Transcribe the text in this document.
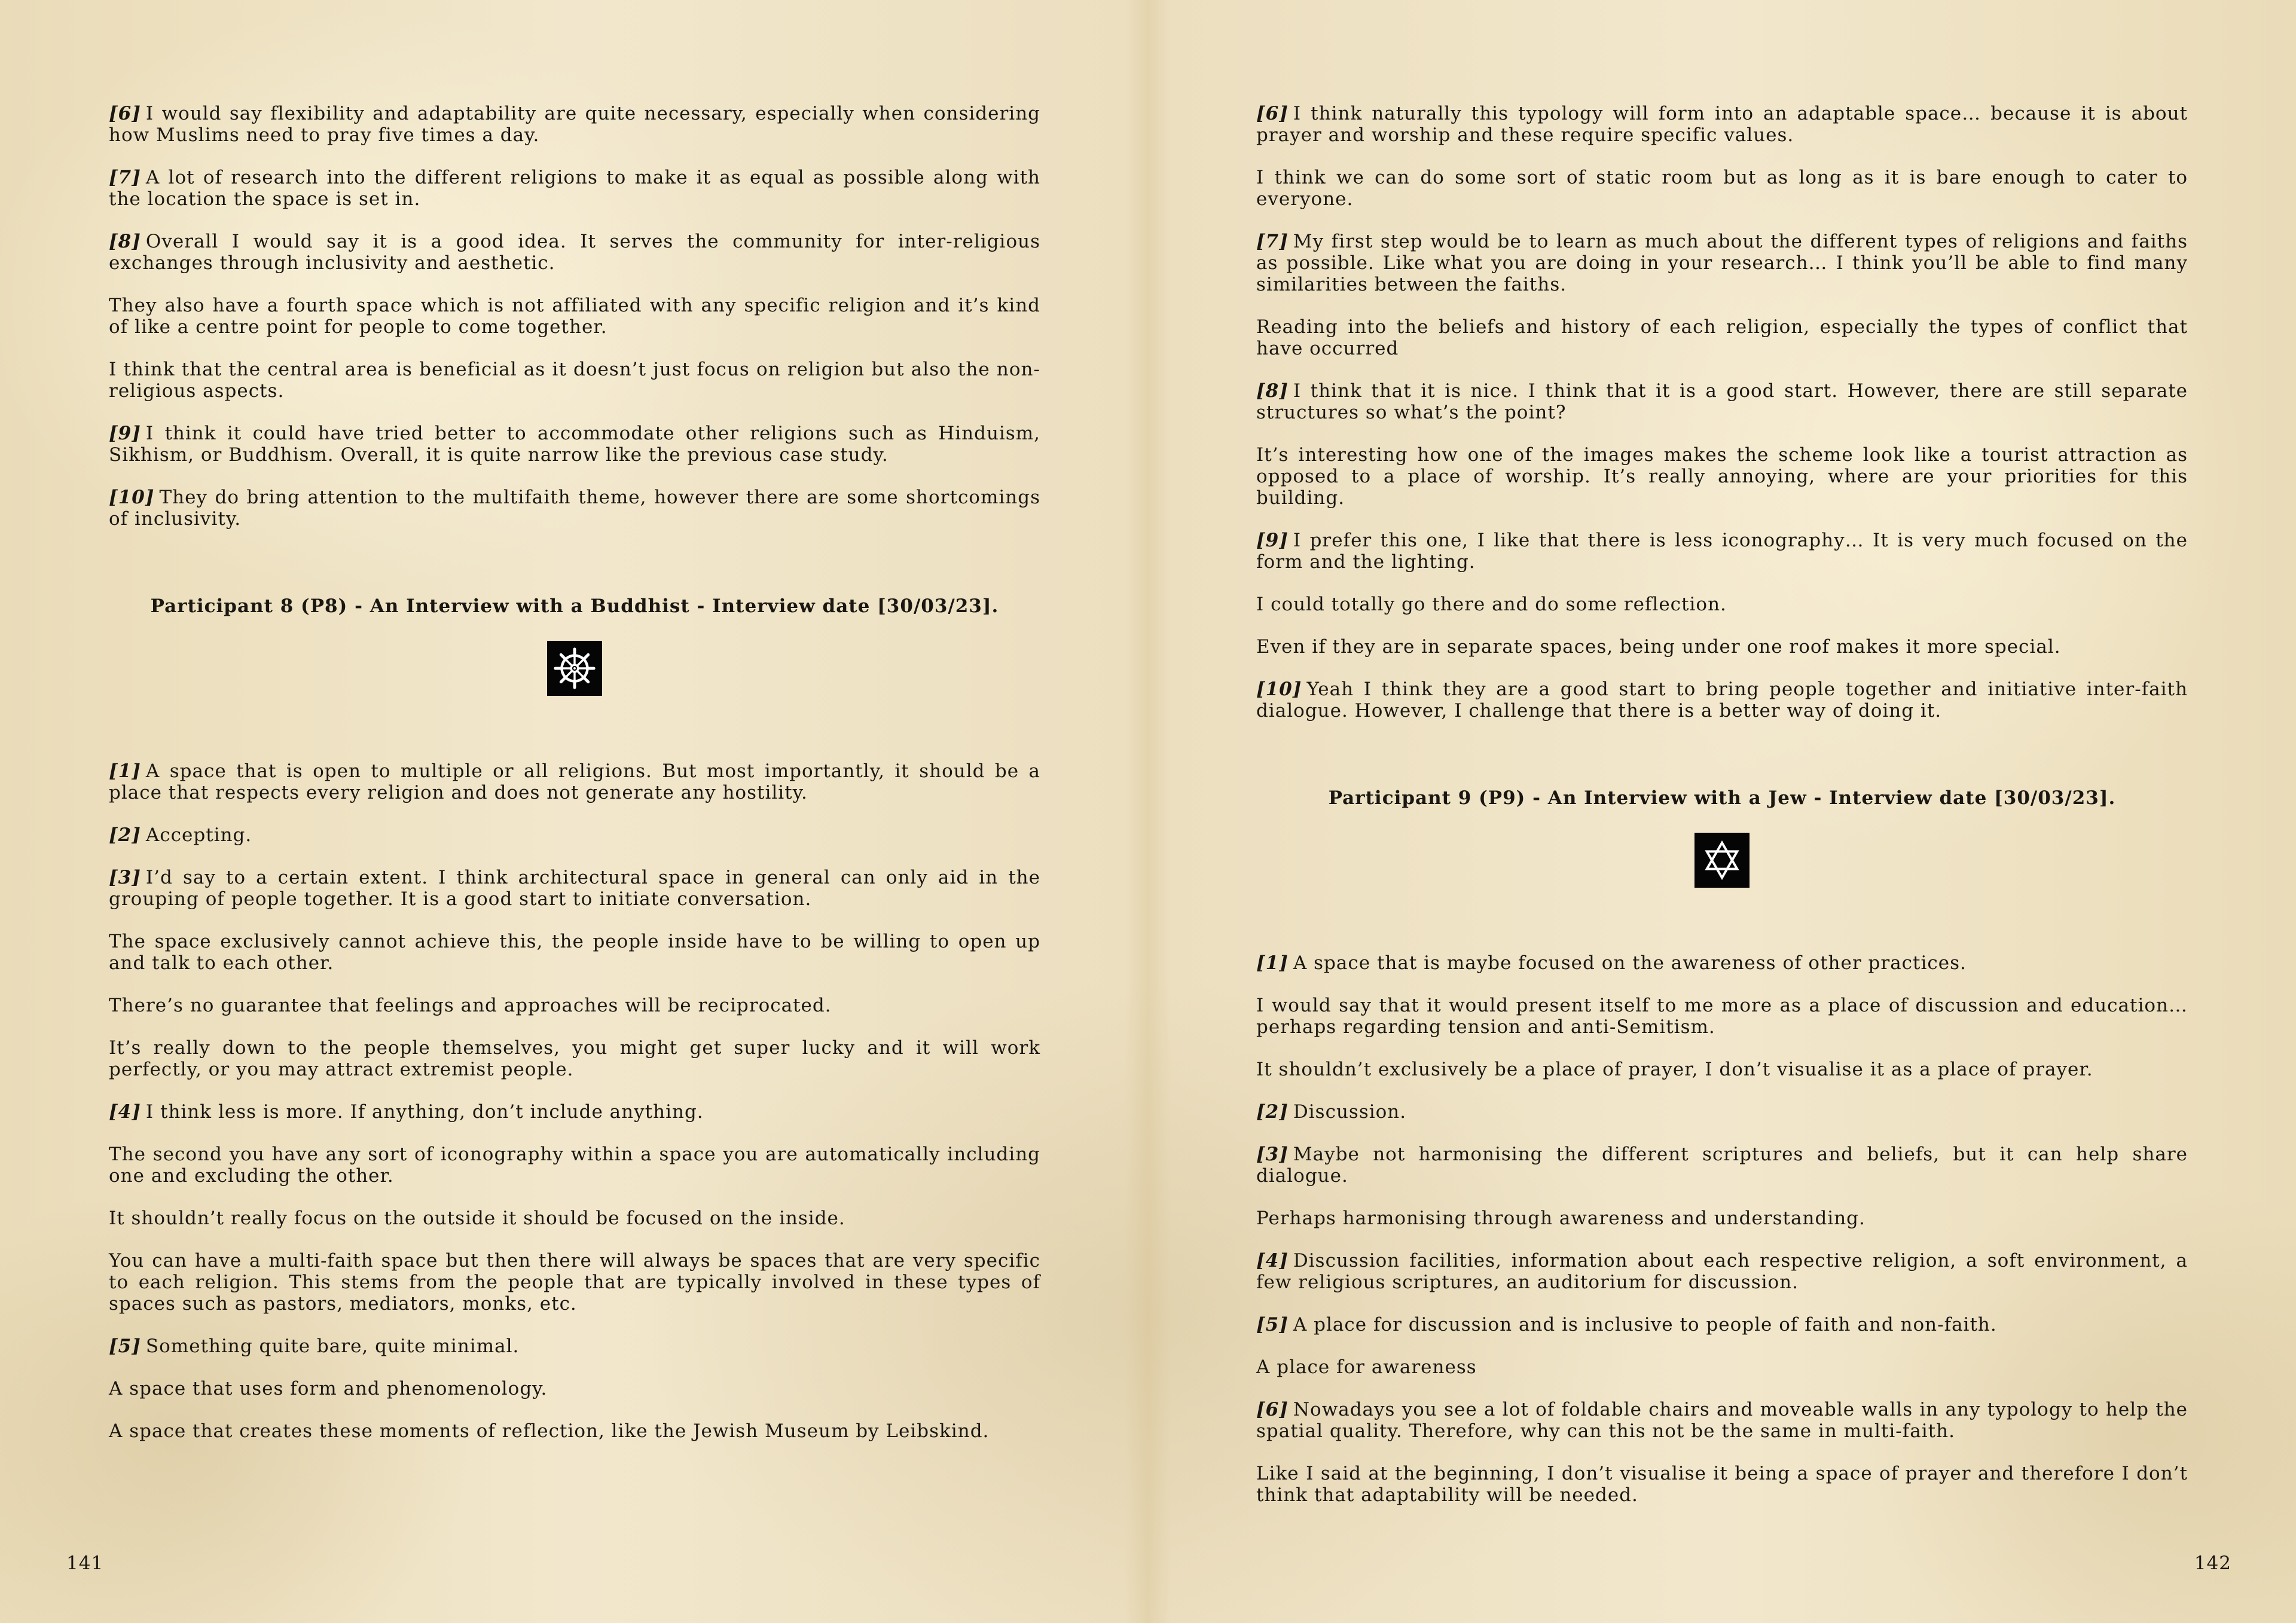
[6] I would say flexibility and adaptability are quite necessary, especially when considering how Muslims need to pray five times a day.

[7] A lot of research into the different religions to make it as equal as possible along with the location the space is set in.

[8] Overall I would say it is a good idea. It serves the community for inter-religious exchanges through inclusivity and aesthetic.

They also have a fourth space which is not affiliated with any specific religion and it’s kind of like a centre point for people to come together.

I think that the central area is beneficial as it doesn’t just focus on religion but also the non-religious aspects.

[9] I think it could have tried better to accommodate other religions such as Hinduism, Sikhism, or Buddhism. Overall, it is quite narrow like the previous case study.

[10] They do bring attention to the multifaith theme, however there are some shortcomings of inclusivity.

Participant 8 (P8) - An Interview with a Buddhist - Interview date [30/03/23].

[1] A space that is open to multiple or all religions. But most importantly, it should be a place that respects every religion and does not generate any hostility.

[2] Accepting.

[3] I’d say to a certain extent. I think architectural space in general can only aid in the grouping of people together. It is a good start to initiate conversation.

The space exclusively cannot achieve this, the people inside have to be willing to open up and talk to each other.

There’s no guarantee that feelings and approaches will be reciprocated.

It’s really down to the people themselves, you might get super lucky and it will work perfectly, or you may attract extremist people.

[4] I think less is more. If anything, don’t include anything.

The second you have any sort of iconography within a space you are automatically including one and excluding the other.

It shouldn’t really focus on the outside it should be focused on the inside.

You can have a multi-faith space but then there will always be spaces that are very specific to each religion. This stems from the people that are typically involved in these types of spaces such as pastors, mediators, monks, etc.

[5] Something quite bare, quite minimal.

A space that uses form and phenomenology.

A space that creates these moments of reflection, like the Jewish Museum by Leibskind.

141

[6] I think naturally this typology will form into an adaptable space… because it is about prayer and worship and these require specific values.

I think we can do some sort of static room but as long as it is bare enough to cater to everyone.

[7] My first step would be to learn as much about the different types of religions and faiths as possible. Like what you are doing in your research… I think you’ll be able to find many similarities between the faiths.

Reading into the beliefs and history of each religion, especially the types of conflict that have occurred

[8] I think that it is nice. I think that it is a good start. However, there are still separate structures so what’s the point?

It’s interesting how one of the images makes the scheme look like a tourist attraction as opposed to a place of worship. It’s really annoying, where are your priorities for this building.

[9] I prefer this one, I like that there is less iconography… It is very much focused on the form and the lighting.

I could totally go there and do some reflection.

Even if they are in separate spaces, being under one roof makes it more special.

[10] Yeah I think they are a good start to bring people together and initiative inter-faith dialogue. However, I challenge that there is a better way of doing it.

Participant 9 (P9) - An Interview with a Jew - Interview date [30/03/23].

[1] A space that is maybe focused on the awareness of other practices.

I would say that it would present itself to me more as a place of discussion and education… perhaps regarding tension and anti-Semitism.

It shouldn’t exclusively be a place of prayer, I don’t visualise it as a place of prayer.

[2] Discussion.

[3] Maybe not harmonising the different scriptures and beliefs, but it can help share dialogue.

Perhaps harmonising through awareness and understanding.

[4] Discussion facilities, information about each respective religion, a soft environment, a few religious scriptures, an auditorium for discussion.

[5] A place for discussion and is inclusive to people of faith and non-faith.

A place for awareness

[6] Nowadays you see a lot of foldable chairs and moveable walls in any typology to help the spatial quality. Therefore, why can this not be the same in multi-faith.

Like I said at the beginning, I don’t visualise it being a space of prayer and therefore I don’t think that adaptability will be needed.

142
